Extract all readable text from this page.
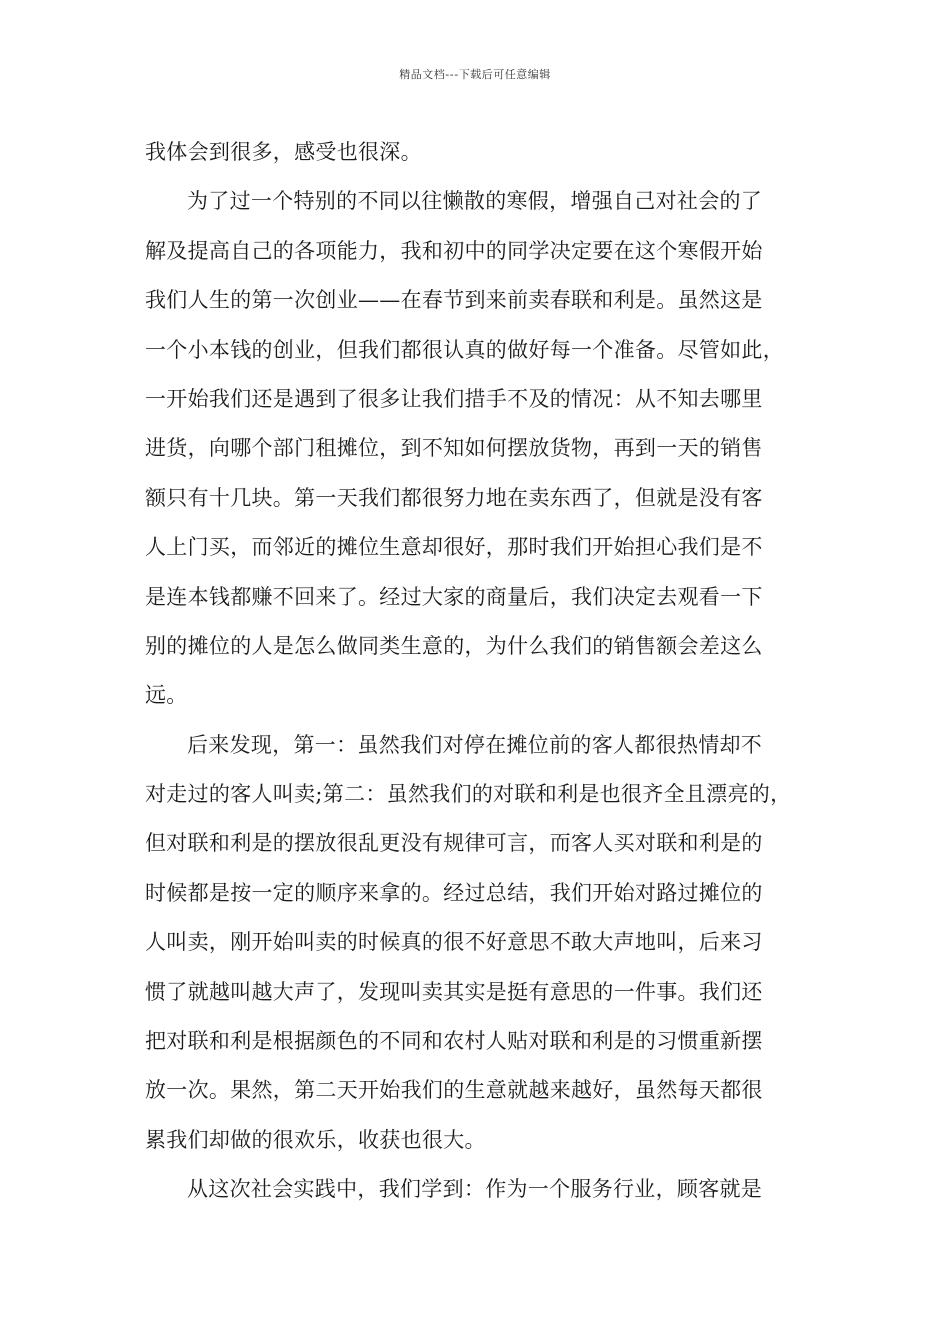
精品文档---下载后可任意编辑
我体会到很多，感受也很深。
为了过一个特别的不同以往懒散的寒假，增强自己对社会的了
解及提高自己的各项能力，我和初中的同学决定要在这个寒假开始
我们人生的第一次创业——在春节到来前卖春联和利是。虽然这是
一个小本钱的创业，但我们都很认真的做好每一个准备。尽管如此，
一开始我们还是遇到了很多让我们措手不及的情况：从不知去哪里
进货，向哪个部门租摊位，到不知如何摆放货物，再到一天的销售
额只有十几块。第一天我们都很努力地在卖东西了，但就是没有客
人上门买，而邻近的摊位生意却很好，那时我们开始担心我们是不
是连本钱都赚不回来了。经过大家的商量后，我们决定去观看一下
别的摊位的人是怎么做同类生意的，为什么我们的销售额会差这么
远。
后来发现，第一：虽然我们对停在摊位前的客人都很热情却不
对走过的客人叫卖;第二：虽然我们的对联和利是也很齐全且漂亮的，
但对联和利是的摆放很乱更没有规律可言，而客人买对联和利是的
时候都是按一定的顺序来拿的。经过总结，我们开始对路过摊位的
人叫卖，刚开始叫卖的时候真的很不好意思不敢大声地叫，后来习
惯了就越叫越大声了，发现叫卖其实是挺有意思的一件事。我们还
把对联和利是根据颜色的不同和农村人贴对联和利是的习惯重新摆
放一次。果然，第二天开始我们的生意就越来越好，虽然每天都很
累我们却做的很欢乐，收获也很大。
从这次社会实践中，我们学到：作为一个服务行业，顾客就是
